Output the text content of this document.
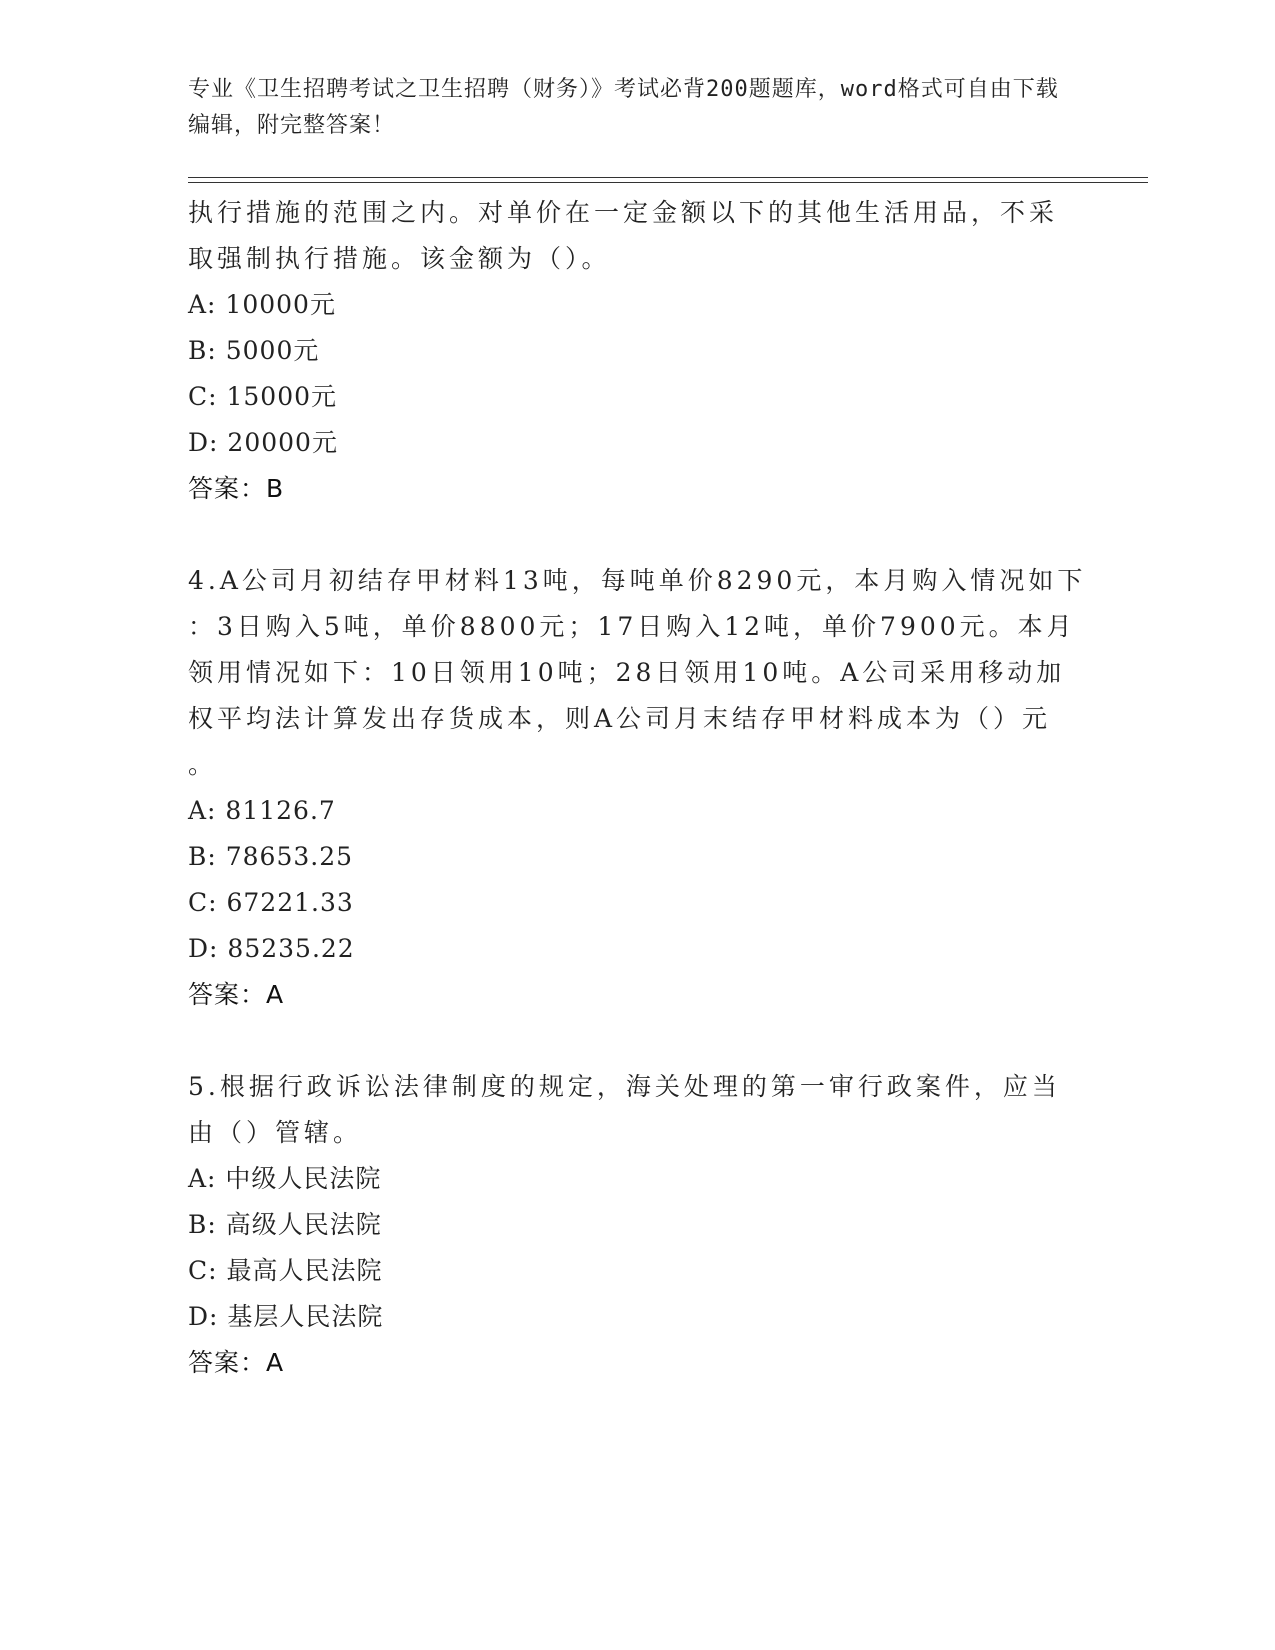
专业《卫生招聘考试之卫生招聘（财务）》考试必背200题题库，word格式可自由下载编辑，附完整答案！

执行措施的范围之内。对单价在一定金额以下的其他生活用品，不采

取强制执行措施。该金额为（）。

A: 10000元

B: 5000元

C: 15000元

D: 20000元

答案：B

4.A公司月初结存甲材料13吨，每吨单价8290元，本月购入情况如下

：3日购入5吨，单价8800元；17日购入12吨，单价7900元。本月

领用情况如下：10日领用10吨；28日领用10吨。A公司采用移动加

权平均法计算发出存货成本，则A公司月末结存甲材料成本为（）元

。

A: 81126.7

B: 78653.25

C: 67221.33

D: 85235.22

答案：A

5.根据行政诉讼法律制度的规定，海关处理的第一审行政案件，应当

由（）管辖。

A: 中级人民法院

B: 高级人民法院

C: 最高人民法院

D: 基层人民法院

答案：A
